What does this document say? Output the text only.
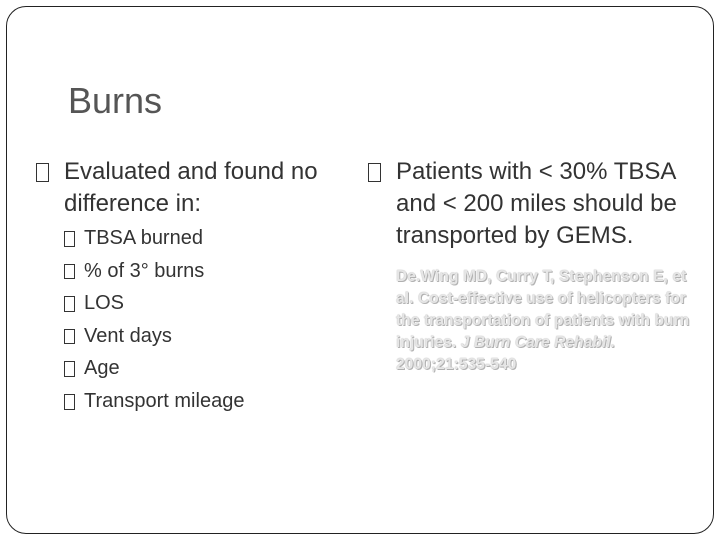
Burns
Evaluated and found no
difference in:
TBSA burned
% of 3° burns
LOS
Vent days
Age
Transport mileage
Patients with < 30% TBSA and < 200 miles should be transported by GEMS.
De.Wing MD, Curry T, Stephenson E, et al. Cost-effective use of helicopters for the transportation of patients with burn injuries. J Burn Care Rehabil. 2000;21:535-540
